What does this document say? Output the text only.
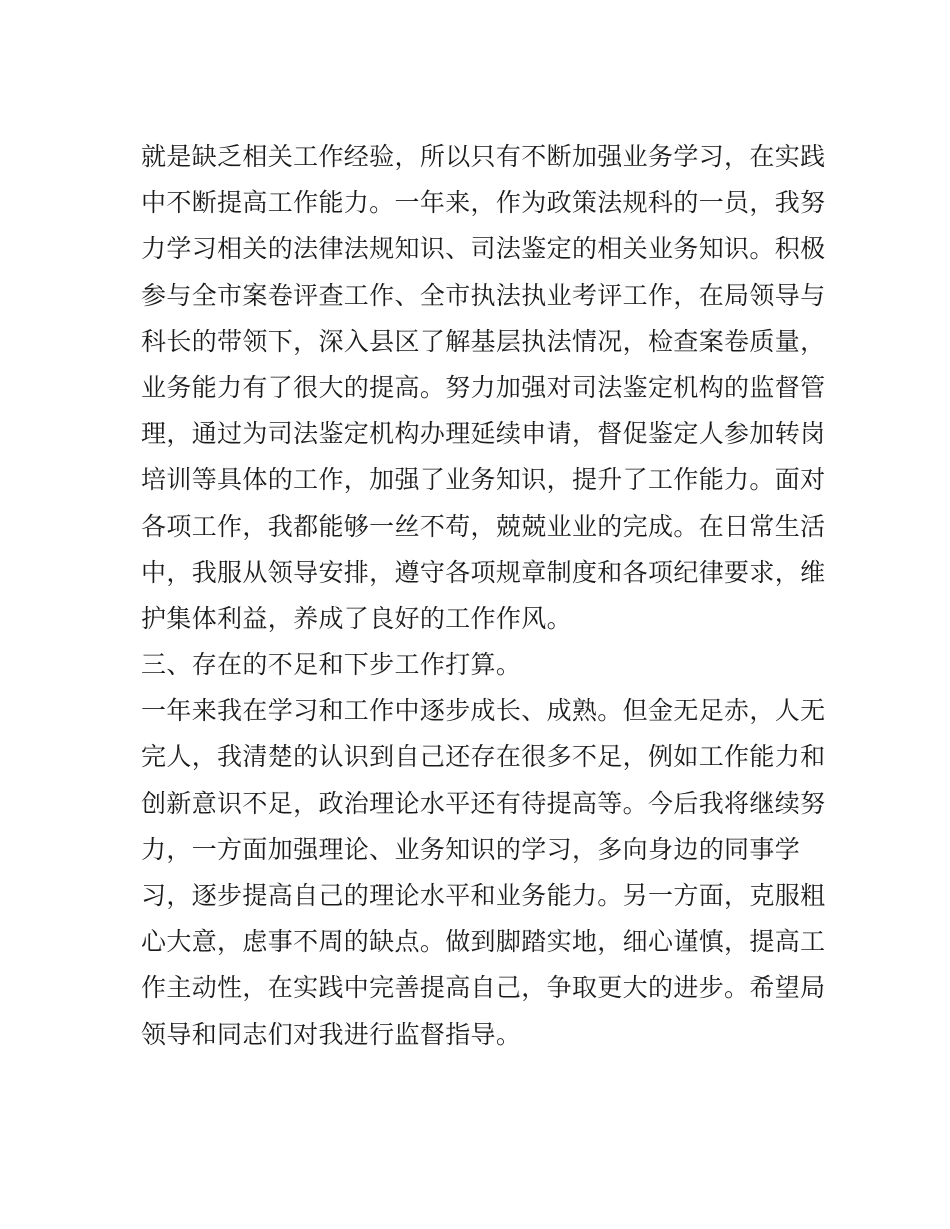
就是缺乏相关工作经验，所以只有不断加强业务学习，在实践
中不断提高工作能力。一年来，作为政策法规科的一员，我努
力学习相关的法律法规知识、司法鉴定的相关业务知识。积极
参与全市案卷评查工作、全市执法执业考评工作，在局领导与
科长的带领下，深入县区了解基层执法情况，检查案卷质量，
业务能力有了很大的提高。努力加强对司法鉴定机构的监督管
理，通过为司法鉴定机构办理延续申请，督促鉴定人参加转岗
培训等具体的工作，加强了业务知识，提升了工作能力。面对
各项工作，我都能够一丝不苟，兢兢业业的完成。在日常生活
中，我服从领导安排，遵守各项规章制度和各项纪律要求，维
护集体利益，养成了良好的工作作风。
三、存在的不足和下步工作打算。
一年来我在学习和工作中逐步成长、成熟。但金无足赤，人无
完人，我清楚的认识到自己还存在很多不足，例如工作能力和
创新意识不足，政治理论水平还有待提高等。今后我将继续努
力，一方面加强理论、业务知识的学习，多向身边的同事学
习，逐步提高自己的理论水平和业务能力。另一方面，克服粗
心大意，虑事不周的缺点。做到脚踏实地，细心谨慎，提高工
作主动性，在实践中完善提高自己，争取更大的进步。希望局
领导和同志们对我进行监督指导。
